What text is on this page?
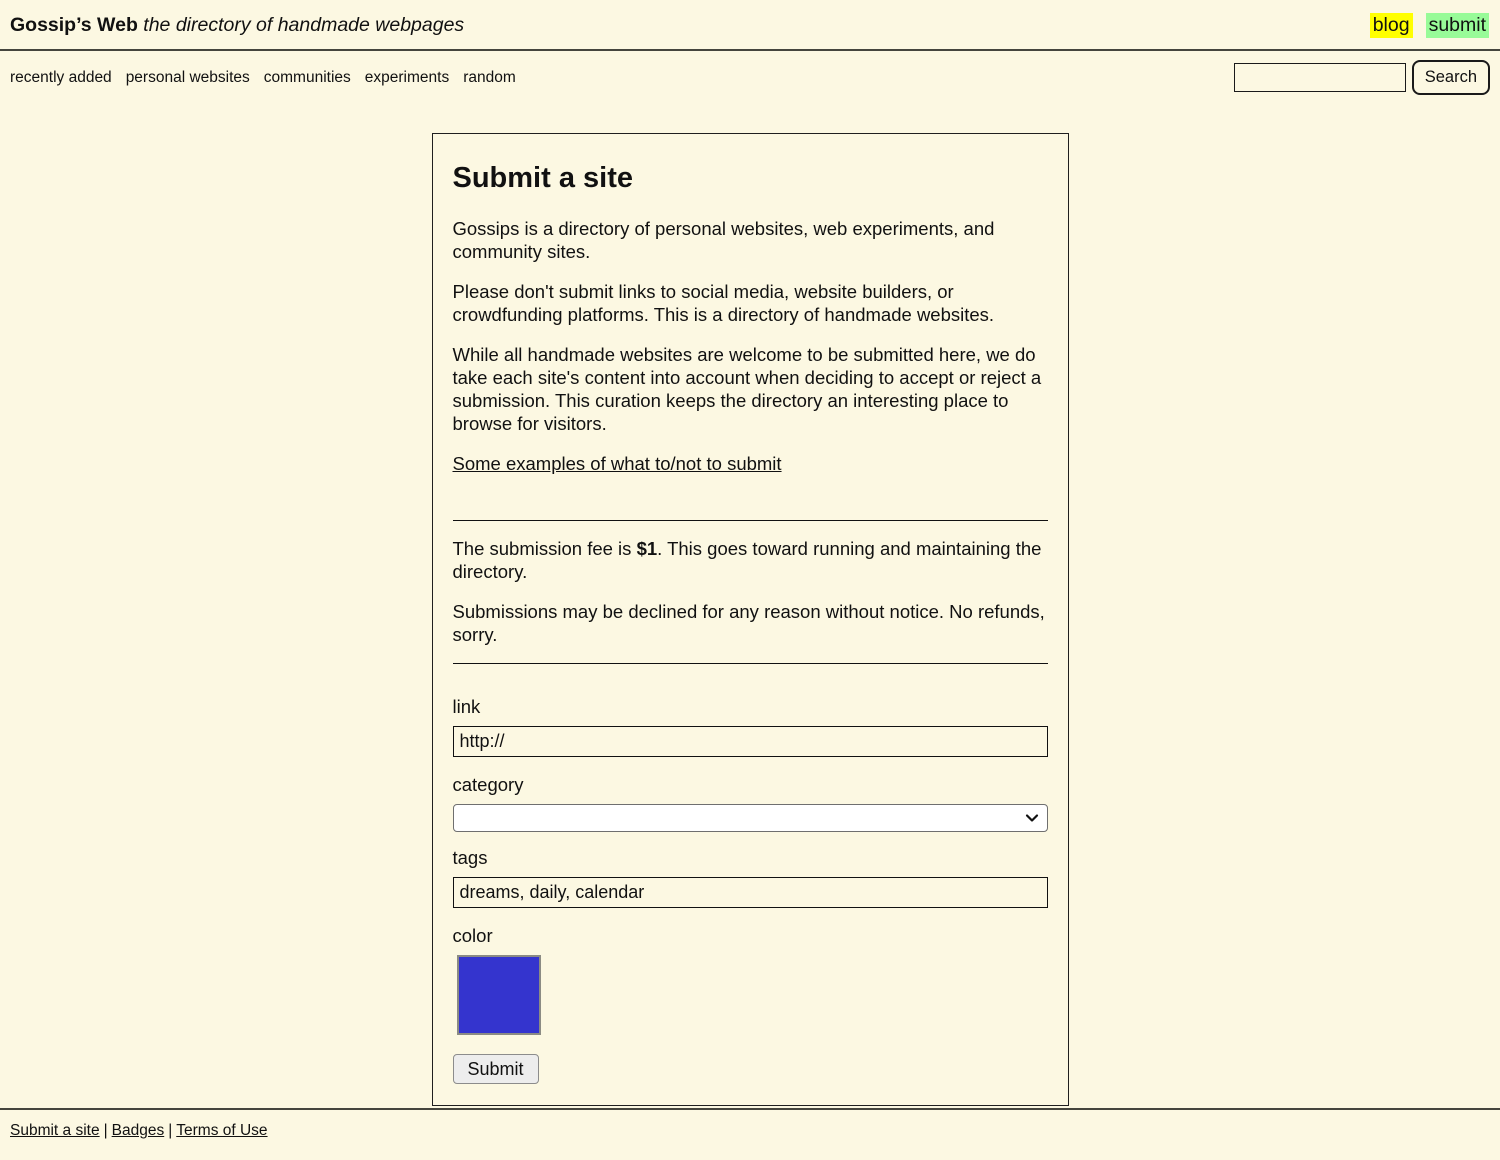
Gossip’s Web the directory of handmade webpages	blog submit
recently added personal websites communities experiments random	Search
Submit a site

Gossips is a directory of personal websites, web experiments, and community sites.

Please don't submit links to social media, website builders, or crowdfunding platforms. This is a directory of handmade websites.

While all handmade websites are welcome to be submitted here, we do take each site's content into account when deciding to accept or reject a submission. This curation keeps the directory an interesting place to browse for visitors.

Some examples of what to/not to submit

The submission fee is $1. This goes toward running and maintaining the directory.

Submissions may be declined for any reason without notice. No refunds, sorry.

link
http://
category
tags
dreams, daily, calendar
color
Submit
Submit a site | Badges | Terms of Use
